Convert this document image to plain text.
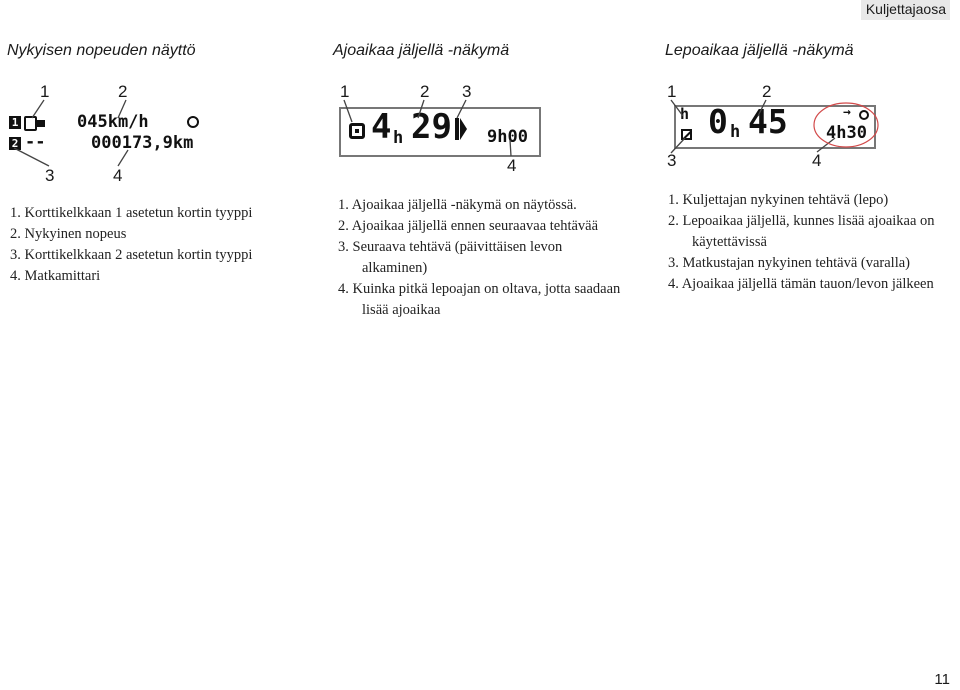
Kuljettajaosa
Nykyisen nopeuden näyttö
1	2
1	045km/h
2 --	000173,9km
3	4
1. Korttikelkkaan 1 asetetun kortin tyyppi
2. Nykyinen nopeus
3. Korttikelkkaan 2 asetetun kortin tyyppi
4. Matkamittari
Ajoaikaa jäljellä -näkymä
1	2 3
4 h 29 9h00
4
1. Ajoaikaa jäljellä -näkymä on näytössä.
2. Ajoaikaa jäljellä ennen seuraavaa tehtävää
3. Seuraava tehtävä (päivittäisen levon alkaminen)
4. Kuinka pitkä lepoajan on oltava, jotta saadaan lisää ajoaikaa
Lepoaikaa jäljellä -näkymä
1	2
h 0 h 45	→
4h30
3	4
1. Kuljettajan nykyinen tehtävä (lepo)
2. Lepoaikaa jäljellä, kunnes lisää ajoaikaa on käytettävissä
3. Matkustajan nykyinen tehtävä (varalla)
4. Ajoaikaa jäljellä tämän tauon/levon jälkeen
11
